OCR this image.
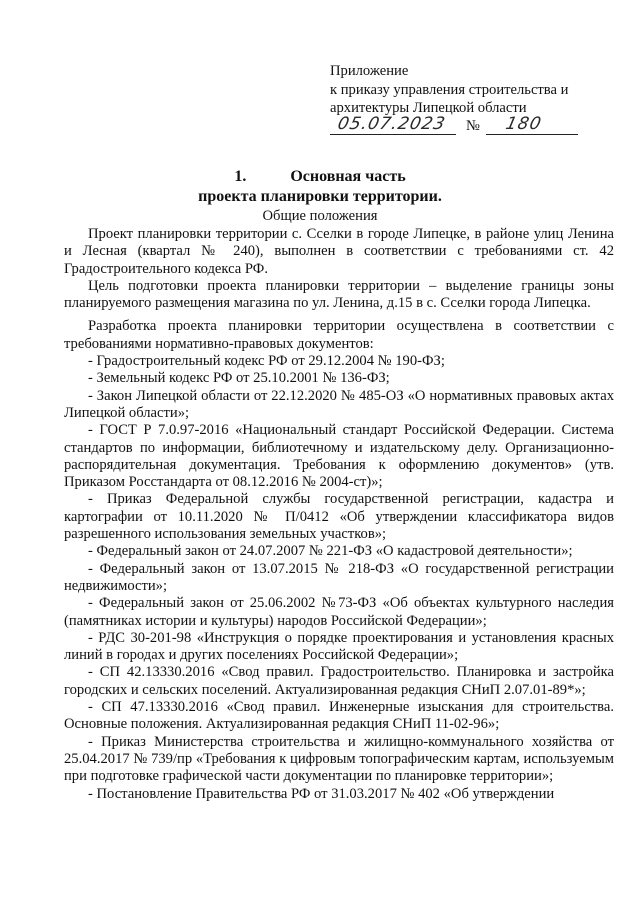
Приложение
к приказу управления строительства и
архитектуры Липецкой области
05.07.2023 № 180
1.	Основная часть
проекта планировки территории.
Общие положения

Проект планировки территории с. Сселки в городе Липецке, в районе улиц Ленина и Лесная (квартал № 240), выполнен в соответствии с требованиями ст. 42 Градостроительного кодекса РФ.

Цель подготовки проекта планировки территории – выделение границы зоны планируемого размещения магазина по ул. Ленина, д.15 в с. Сселки города Липецка.

Разработка проекта планировки территории осуществлена в соответствии с требованиями нормативно-правовых документов:

- Градостроительный кодекс РФ от 29.12.2004 № 190-ФЗ;

- Земельный кодекс РФ от 25.10.2001 № 136-ФЗ;

- Закон Липецкой области от 22.12.2020 № 485-ОЗ «О нормативных правовых актах Липецкой области»;

- ГОСТ Р 7.0.97-2016 «Национальный стандарт Российской Федерации. Система стандартов по информации, библиотечному и издательскому делу. Организационно-распорядительная документация. Требования к оформлению документов» (утв. Приказом Росстандарта от 08.12.2016 № 2004-ст)»;

- Приказ Федеральной службы государственной регистрации, кадастра и картографии от 10.11.2020 № П/0412 «Об утверждении классификатора видов разрешенного использования земельных участков»;

- Федеральный закон от 24.07.2007 № 221-ФЗ «О кадастровой деятельности»;

- Федеральный закон от 13.07.2015 № 218-ФЗ «О государственной регистрации недвижимости»;

- Федеральный закон от 25.06.2002 №73-ФЗ «Об объектах культурного наследия (памятниках истории и культуры) народов Российской Федерации»;

- РДС 30-201-98 «Инструкция о порядке проектирования и установления красных линий в городах и других поселениях Российской Федерации»;

- СП 42.13330.2016 «Свод правил. Градостроительство. Планировка и застройка городских и сельских поселений. Актуализированная редакция СНиП 2.07.01-89*»;

- СП 47.13330.2016 «Свод правил. Инженерные изыскания для строительства. Основные положения. Актуализированная редакция СНиП 11-02-96»;

- Приказ Министерства строительства и жилищно-коммунального хозяйства от 25.04.2017 № 739/пр «Требования к цифровым топографическим картам, используемым при подготовке графической части документации по планировке территории»;

- Постановление Правительства РФ от 31.03.2017 № 402 «Об утверждении
